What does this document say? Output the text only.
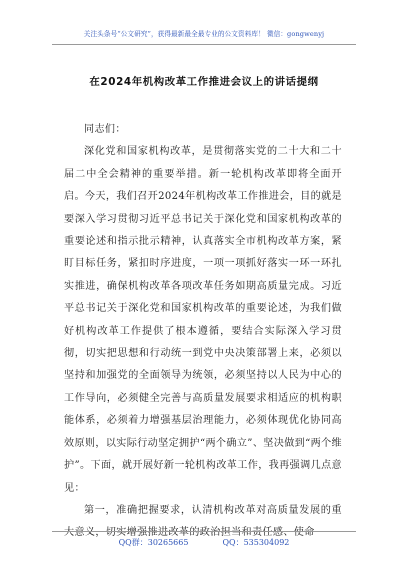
关注头条号“公文研究”，获得最新最全最专业的公文资料库！ 微信：gongwenyj
在2024年机构改革工作推进会议上的讲话提纲

同志们：

深化党和国家机构改革，是贯彻落实党的二十大和二十届二中全会精神的重要举措。新一轮机构改革即将全面开启。今天，我们召开2024年机构改革工作推进会，目的就是要深入学习贯彻习近平总书记关于深化党和国家机构改革的重要论述和指示批示精神，认真落实全市机构改革方案，紧盯目标任务，紧扣时序进度，一项一项抓好落实一环一环扎实推进，确保机构改革各项改革任务如期高质量完成。习近平总书记关于深化党和国家机构改革的重要论述，为我们做好机构改革工作提供了根本遵循，要结合实际深入学习贯彻，切实把思想和行动统一到党中央决策部署上来，必须以坚持和加强党的全面领导为统领，必须坚持以人民为中心的工作导向，必须健全完善与高质量发展要求相适应的机构职能体系，必须着力增强基层治理能力，必须体现优化协同高效原则，以实际行动坚定拥护“两个确立”、坚决做到“两个维护”。下面，就开展好新一轮机构改革工作，我再强调几点意见：

第一，准确把握要求，认清机构改革对高质量发展的重大意义，切实增强推进改革的政治担当和责任感、使命

QQ群：30265665	QQ：535304092
